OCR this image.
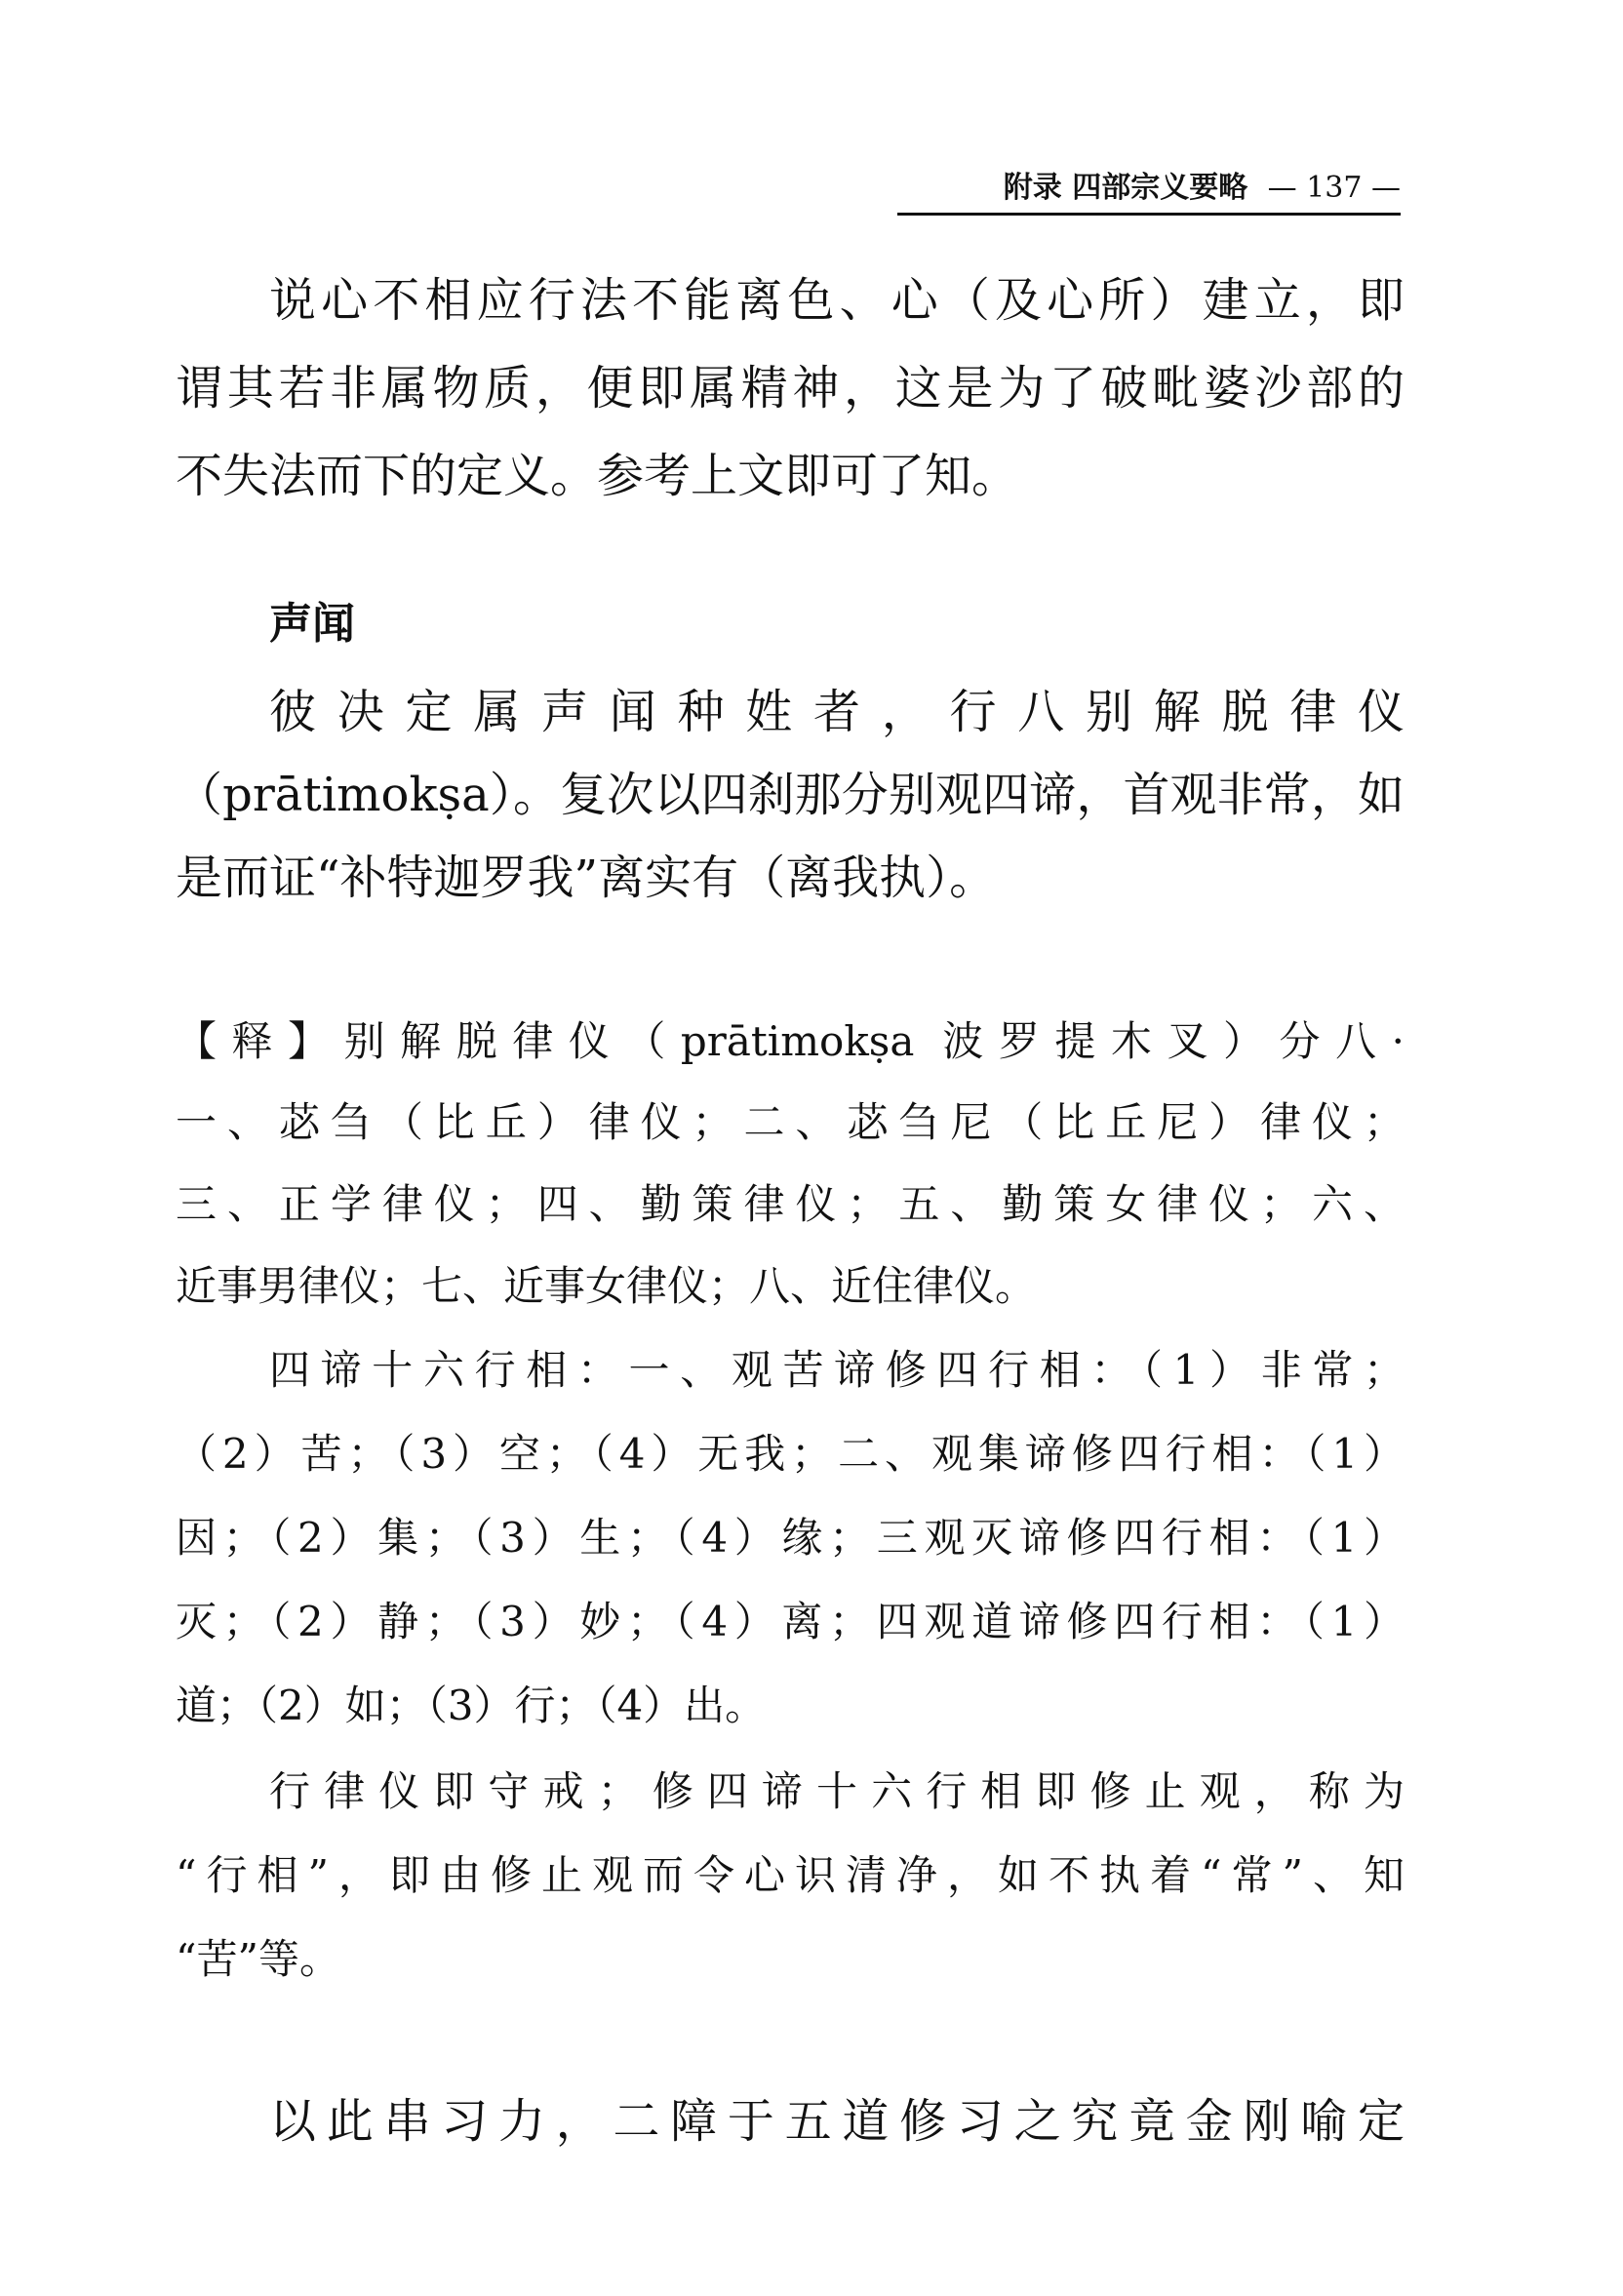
附录 四部宗义要略 — 137 —
说心不相应行法不能离色、心（及心所）建立，即
谓其若非属物质，便即属精神，这是为了破毗婆沙部的
不失法而下的定义。参考上文即可了知。
声闻
彼决定属声闻种姓者，行八别解脱律仪
（prātimokṣa）。复次以四刹那分别观四谛，首观非常，如
是而证“补特迦罗我”离实有（离我执）。
【释】别解脱律仪（prātimokṣa 波罗提木叉）分八·
一、苾刍（比丘）律仪；二、苾刍尼（比丘尼）律仪；
三、正学律仪；四、勤策律仪；五、勤策女律仪；六、
近事男律仪；七、近事女律仪；八、近住律仪。
四谛十六行相：一、观苦谛修四行相：（1）非常；
（2）苦；（3）空；（4）无我；二、观集谛修四行相：（1）
因；（2）集；（3）生；（4）缘；三观灭谛修四行相：（1）
灭；（2）静；（3）妙；（4）离；四观道谛修四行相：（1）
道；（2）如；（3）行；（4）出。
行律仪即守戒；修四谛十六行相即修止观，称为
“行相”，即由修止观而令心识清净，如不执着“常”、知
“苦”等。
以此串习力，二障于五道修习之究竟金刚喻定
